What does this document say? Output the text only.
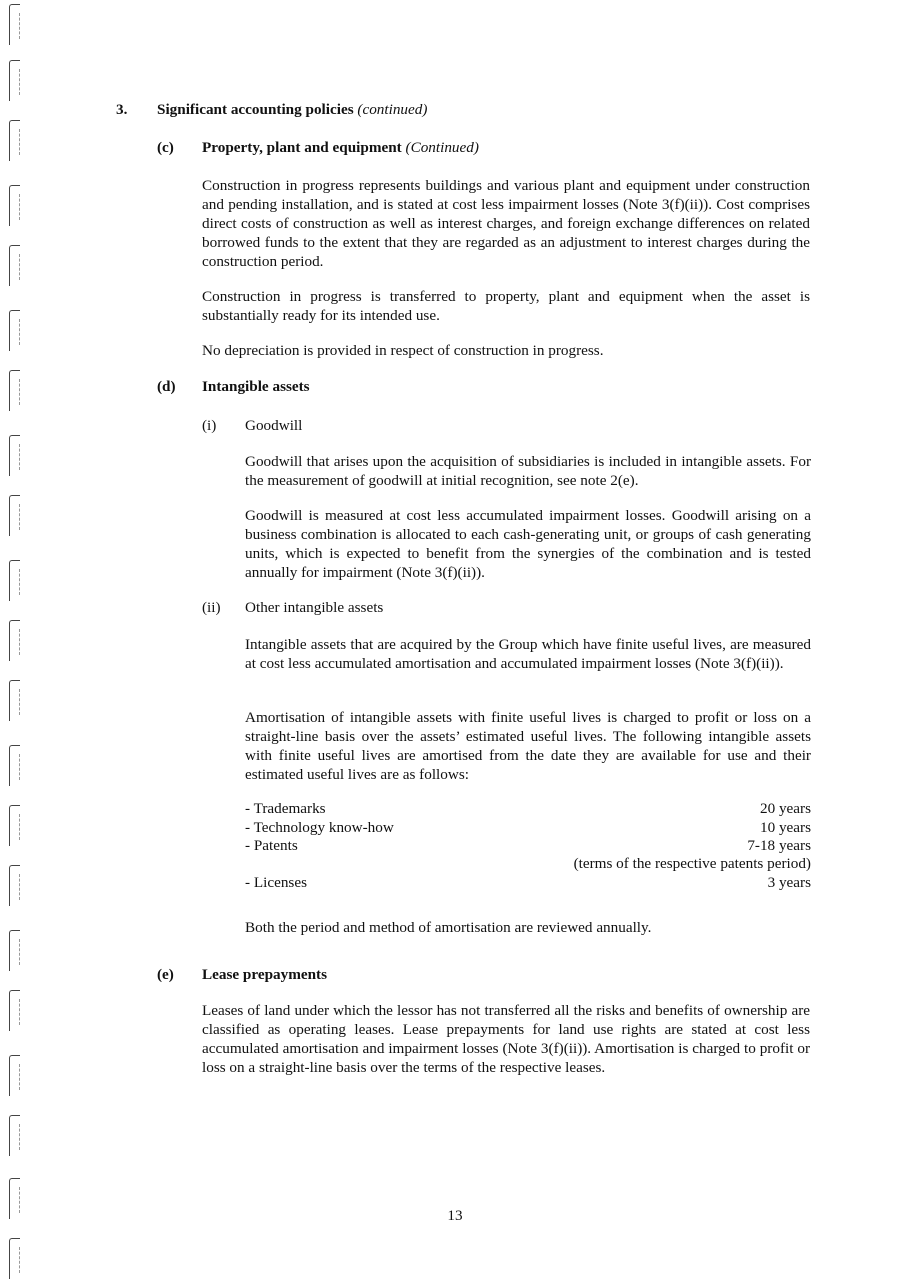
3. Significant accounting policies (continued)
(c) Property, plant and equipment (Continued)
Construction in progress represents buildings and various plant and equipment under construction and pending installation, and is stated at cost less impairment losses (Note 3(f)(ii)). Cost comprises direct costs of construction as well as interest charges, and foreign exchange differences on related borrowed funds to the extent that they are regarded as an adjustment to interest charges during the construction period.
Construction in progress is transferred to property, plant and equipment when the asset is substantially ready for its intended use.
No depreciation is provided in respect of construction in progress.
(d) Intangible assets
(i) Goodwill
Goodwill that arises upon the acquisition of subsidiaries is included in intangible assets. For the measurement of goodwill at initial recognition, see note 2(e).
Goodwill is measured at cost less accumulated impairment losses. Goodwill arising on a business combination is allocated to each cash-generating unit, or groups of cash generating units, which is expected to benefit from the synergies of the combination and is tested annually for impairment (Note 3(f)(ii)).
(ii) Other intangible assets
Intangible assets that are acquired by the Group which have finite useful lives, are measured at cost less accumulated amortisation and accumulated impairment losses (Note 3(f)(ii)).
Amortisation of intangible assets with finite useful lives is charged to profit or loss on a straight-line basis over the assets’ estimated useful lives. The following intangible assets with finite useful lives are amortised from the date they are available for use and their estimated useful lives are as follows:
- Trademarks	20 years
- Technology know-how	10 years
- Patents	7-18 years
(terms of the respective patents period)
- Licenses	3 years
Both the period and method of amortisation are reviewed annually.
(e) Lease prepayments
Leases of land under which the lessor has not transferred all the risks and benefits of ownership are classified as operating leases. Lease prepayments for land use rights are stated at cost less accumulated amortisation and impairment losses (Note 3(f)(ii)). Amortisation is charged to profit or loss on a straight-line basis over the terms of the respective leases.
13
